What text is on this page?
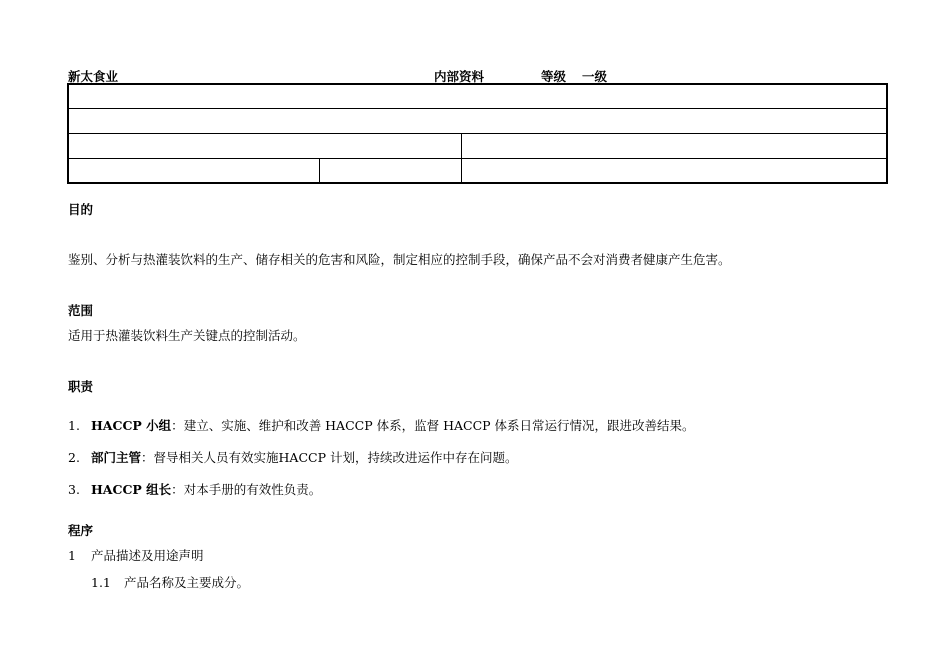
新太食业	内部资料	等级 一级
目的
鉴别、分析与热灌装饮料的生产、储存相关的危害和风险，制定相应的控制手段，确保产品不会对消费者健康产生危害。
范围
适用于热灌装饮料生产关键点的控制活动。
职责
1. HACCP 小组：建立、实施、维护和改善 HACCP 体系，监督 HACCP 体系日常运行情况，跟进改善结果。
2. 部门主管：督导相关人员有效实施HACCP 计划，持续改进运作中存在问题。
3. HACCP 组长：对本手册的有效性负责。
程序
1 产品描述及用途声明
1.1 产品名称及主要成分。
